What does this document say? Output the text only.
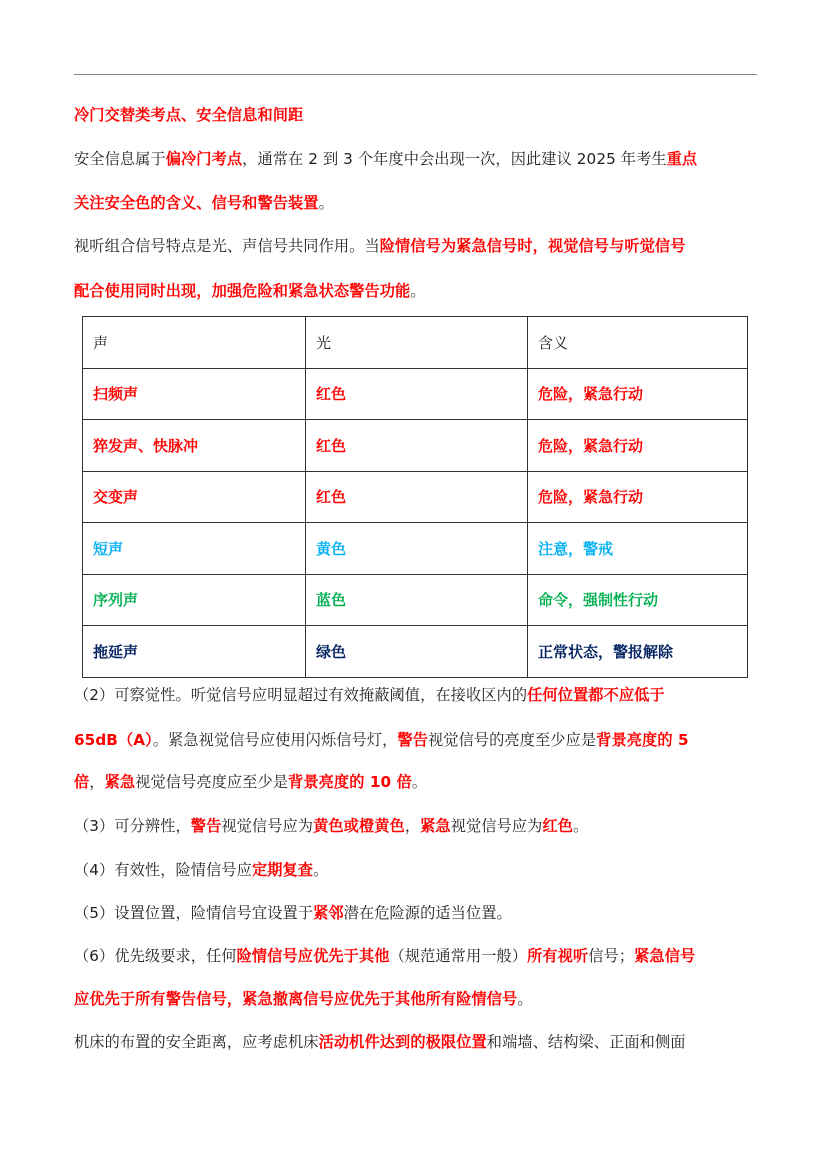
冷门交替类考点、安全信息和间距

安全信息属于偏冷门考点，通常在 2 到 3 个年度中会出现一次，因此建议 2025 年考生重点

关注安全色的含义、信号和警告装置。

视听组合信号特点是光、声信号共同作用。当险情信号为紧急信号时，视觉信号与听觉信号

配合使用同时出现，加强危险和紧急状态警告功能。

声	光	含义
扫频声	红色	危险，紧急行动
猝发声、快脉冲	红色	危险，紧急行动
交变声	红色	危险，紧急行动
短声	黄色	注意，警戒
序列声	蓝色	命令，强制性行动
拖延声	绿色	正常状态，警报解除

（2）可察觉性。听觉信号应明显超过有效掩蔽阈值，在接收区内的任何位置都不应低于

65dB（A）。紧急视觉信号应使用闪烁信号灯，警告视觉信号的亮度至少应是背景亮度的 5

倍，紧急视觉信号亮度应至少是背景亮度的 10 倍。

（3）可分辨性，警告视觉信号应为黄色或橙黄色，紧急视觉信号应为红色。

（4）有效性，险情信号应定期复查。

（5）设置位置，险情信号宜设置于紧邻潜在危险源的适当位置。

（6）优先级要求，任何险情信号应优先于其他（规范通常用一般）所有视听信号；紧急信号

应优先于所有警告信号，紧急撤离信号应优先于其他所有险情信号。

机床的布置的安全距离，应考虑机床活动机件达到的极限位置和端墙、结构梁、正面和侧面
